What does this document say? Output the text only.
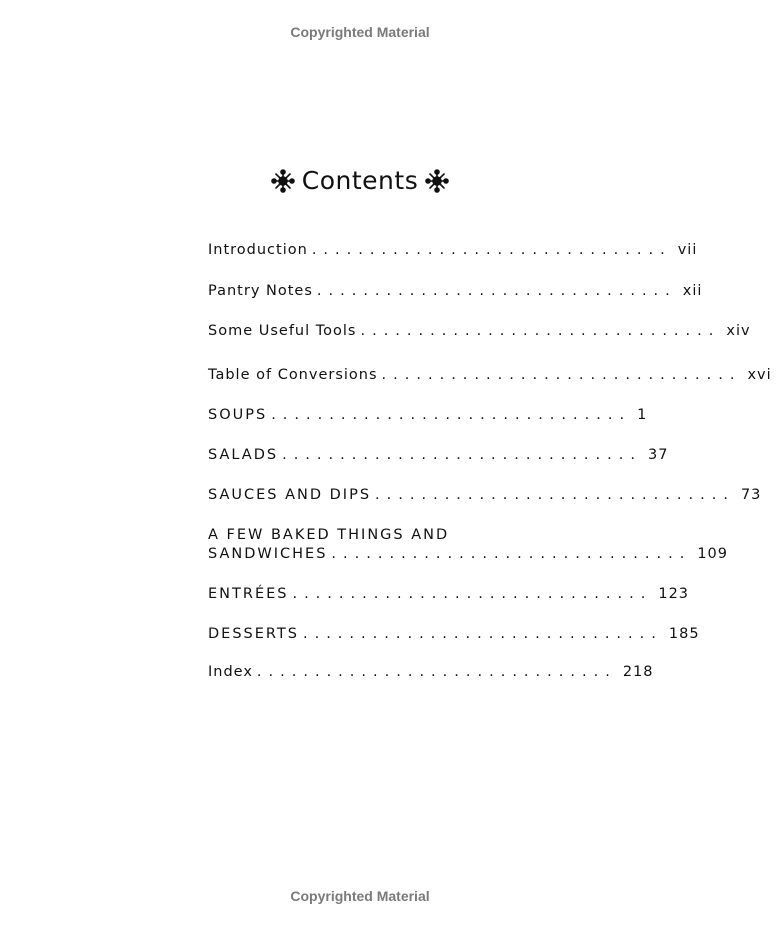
Copyrighted Material
Contents
Introduction ............................... vii
Pantry Notes ............................... xii
Some Useful Tools ............................... xiv
Table of Conversions ............................... xvi
SOUPS ............................... 1
SALADS ............................... 37
SAUCES AND DIPS ............................... 73
A FEW BAKED THINGS AND
SANDWICHES ............................... 109
ENTRÉES ............................... 123
DESSERTS ............................... 185
Index ............................... 218
Copyrighted Material
